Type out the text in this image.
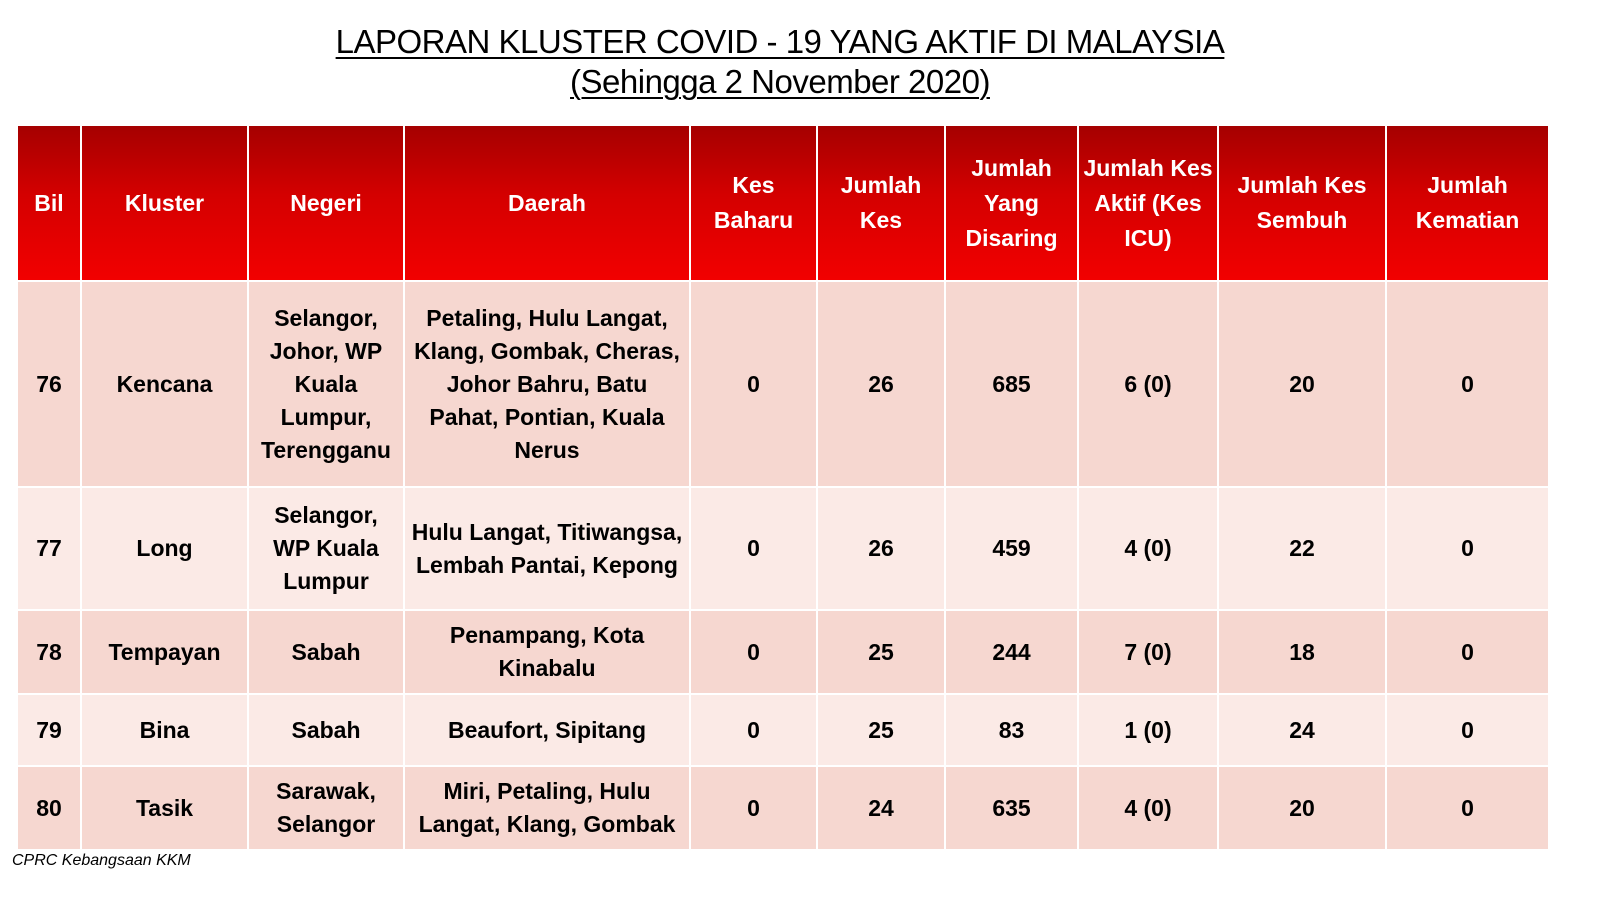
LAPORAN KLUSTER COVID - 19 YANG AKTIF DI MALAYSIA
(Sehingga 2 November 2020)
Bil	Kluster	Negeri	Daerah	Kes Baharu	Jumlah Kes	Jumlah Yang Disaring	Jumlah Kes Aktif (Kes ICU)	Jumlah Kes Sembuh	Jumlah Kematian
76	Kencana	Selangor, Johor, WP Kuala Lumpur, Terengganu	Petaling, Hulu Langat, Klang, Gombak, Cheras, Johor Bahru, Batu Pahat, Pontian, Kuala Nerus	0	26	685	6 (0)	20	0
77	Long	Selangor, WP Kuala Lumpur	Hulu Langat, Titiwangsa, Lembah Pantai, Kepong	0	26	459	4 (0)	22	0
78	Tempayan	Sabah	Penampang, Kota Kinabalu	0	25	244	7 (0)	18	0
79	Bina	Sabah	Beaufort, Sipitang	0	25	83	1 (0)	24	0
80	Tasik	Sarawak, Selangor	Miri, Petaling, Hulu Langat, Klang, Gombak	0	24	635	4 (0)	20	0
CPRC Kebangsaan KKM
